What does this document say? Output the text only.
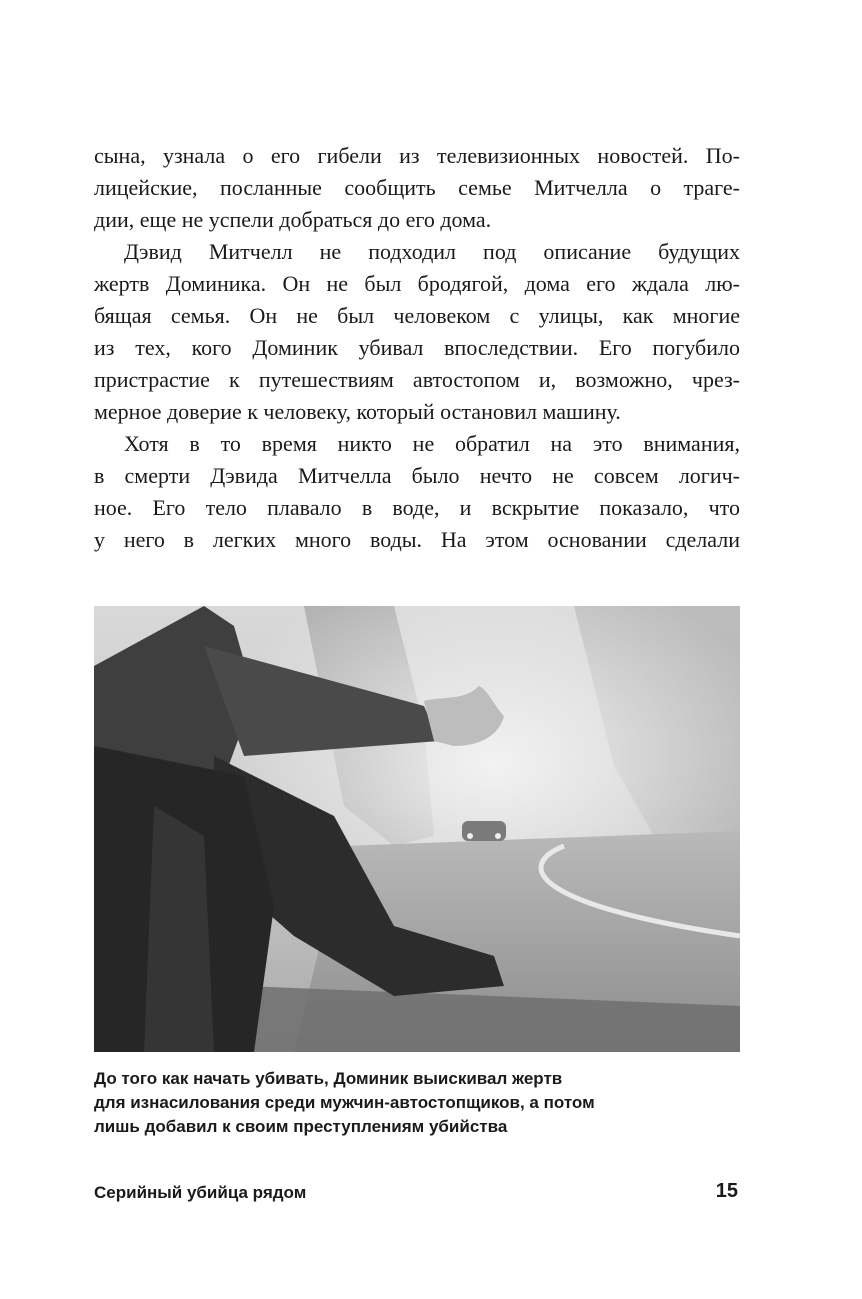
сына, узнала о его гибели из телевизионных новостей. По-
лицейские, посланные сообщить семье Митчелла о траге-
дии, еще не успели добраться до его дома.

Дэвид Митчелл не подходил под описание будущих
жертв Доминика. Он не был бродягой, дома его ждала лю-
бящая семья. Он не был человеком с улицы, как многие
из тех, кого Доминик убивал впоследствии. Его погубило
пристрастие к путешествиям автостопом и, возможно, чрез-
мерное доверие к человеку, который остановил машину.

Хотя в то время никто не обратил на это внимания,
в смерти Дэвида Митчелла было нечто не совсем логич-
ное. Его тело плавало в воде, и вскрытие показало, что
у него в легких много воды. На этом основании сделали

До того как начать убивать, Доминик выискивал жертв
для изнасилования среди мужчин-автостопщиков, а потом
лишь добавил к своим преступлениям убийства
Серийный убийца рядом	15
